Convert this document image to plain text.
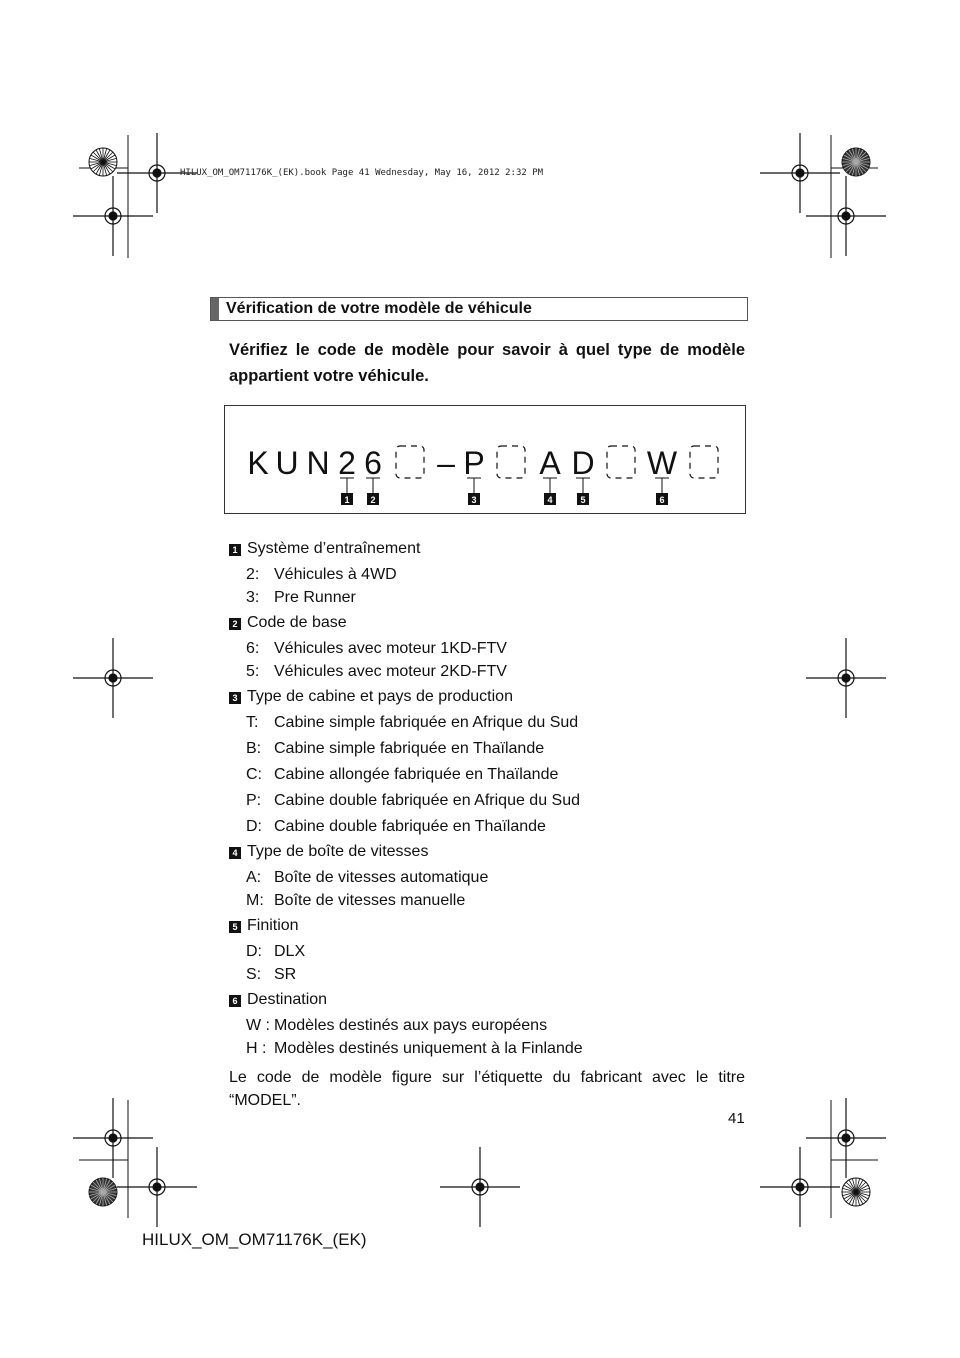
HILUX_OM_OM71176K_(EK).book Page 41 Wednesday, May 16, 2012 2:32 PM
Vérification de votre modèle de véhicule
Vérifiez le code de modèle pour savoir à quel type de modèle appartient votre véhicule.
K U N 2 6 – P A D W
1 2	3	4	5	6
1 Système d’entraînement
2: Véhicules à 4WD
3: Pre Runner
2 Code de base
6: Véhicules avec moteur 1KD-FTV
5: Véhicules avec moteur 2KD-FTV
3 Type de cabine et pays de production
T: Cabine simple fabriquée en Afrique du Sud
B: Cabine simple fabriquée en Thaïlande
C: Cabine allongée fabriquée en Thaïlande
P: Cabine double fabriquée en Afrique du Sud
D: Cabine double fabriquée en Thaïlande
4 Type de boîte de vitesses
A: Boîte de vitesses automatique
M: Boîte de vitesses manuelle
5 Finition
D: DLX
S: SR
6 Destination
W : Modèles destinés aux pays européens
H : Modèles destinés uniquement à la Finlande
Le code de modèle figure sur l’étiquette du fabricant avec le titre “MODEL”.
41
HILUX_OM_OM71176K_(EK)
